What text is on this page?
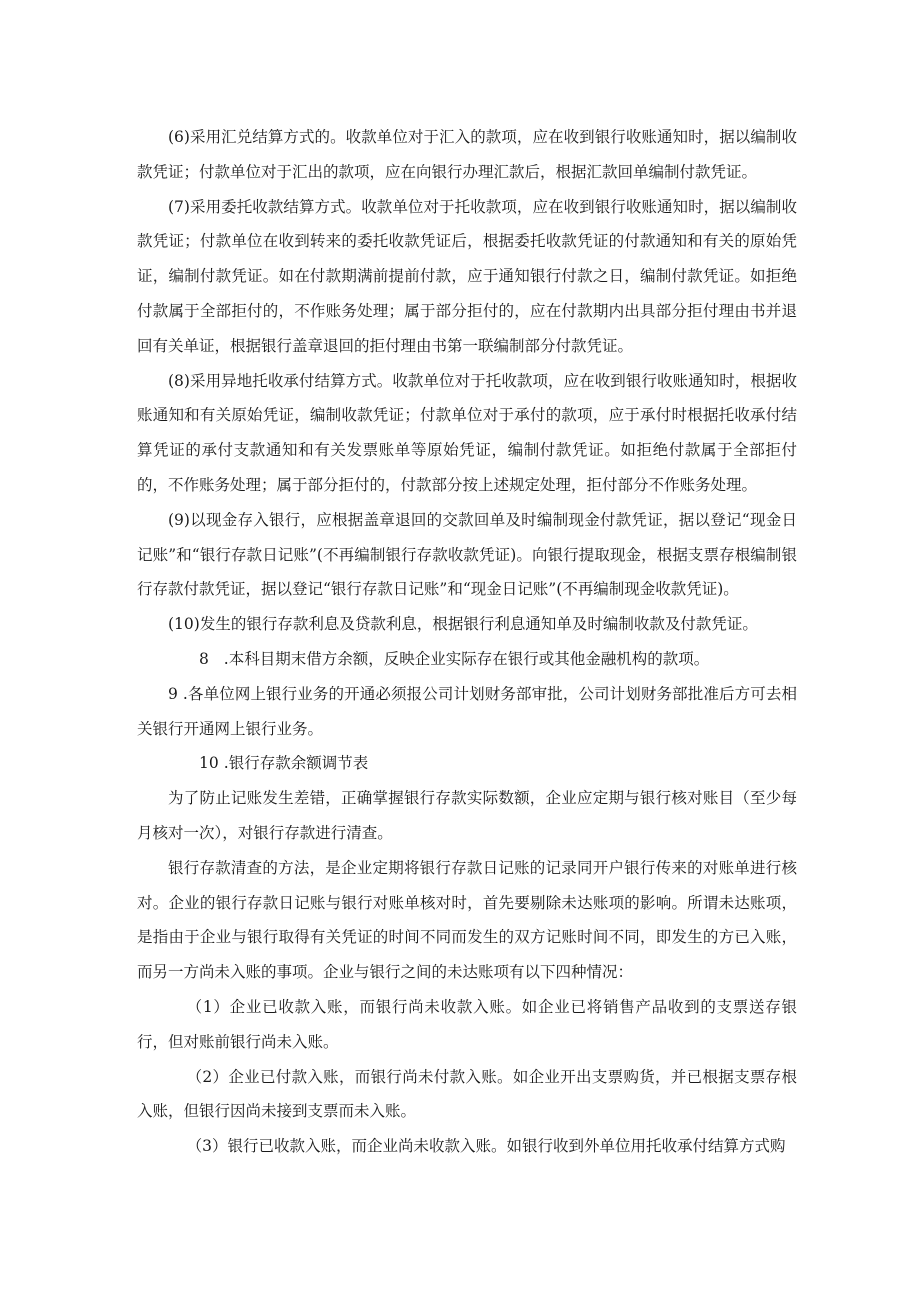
(6)采用汇兑结算方式的。收款单位对于汇入的款项，应在收到银行收账通知时，据以编制收款凭证；付款单位对于汇出的款项，应在向银行办理汇款后，根据汇款回单编制付款凭证。

(7)采用委托收款结算方式。收款单位对于托收款项，应在收到银行收账通知时，据以编制收款凭证；付款单位在收到转来的委托收款凭证后，根据委托收款凭证的付款通知和有关的原始凭证，编制付款凭证。如在付款期满前提前付款，应于通知银行付款之日，编制付款凭证。如拒绝付款属于全部拒付的，不作账务处理；属于部分拒付的，应在付款期内出具部分拒付理由书并退回有关单证，根据银行盖章退回的拒付理由书第一联编制部分付款凭证。

(8)采用异地托收承付结算方式。收款单位对于托收款项，应在收到银行收账通知时，根据收账通知和有关原始凭证，编制收款凭证；付款单位对于承付的款项，应于承付时根据托收承付结算凭证的承付支款通知和有关发票账单等原始凭证，编制付款凭证。如拒绝付款属于全部拒付的，不作账务处理；属于部分拒付的，付款部分按上述规定处理，拒付部分不作账务处理。

(9)以现金存入银行，应根据盖章退回的交款回单及时编制现金付款凭证，据以登记“现金日记账”和“银行存款日记账”(不再编制银行存款收款凭证)。向银行提取现金，根据支票存根编制银行存款付款凭证，据以登记“银行存款日记账”和“现金日记账”(不再编制现金收款凭证)。

(10)发生的银行存款利息及贷款利息，根据银行利息通知单及时编制收款及付款凭证。

8 .本科目期末借方余额，反映企业实际存在银行或其他金融机构的款项。

9 .各单位网上银行业务的开通必须报公司计划财务部审批，公司计划财务部批准后方可去相关银行开通网上银行业务。

10 .银行存款余额调节表

为了防止记账发生差错，正确掌握银行存款实际数额，企业应定期与银行核对账目（至少每月核对一次），对银行存款进行清查。

银行存款清查的方法，是企业定期将银行存款日记账的记录同开户银行传来的对账单进行核对。企业的银行存款日记账与银行对账单核对时，首先要剔除未达账项的影响。所谓未达账项，是指由于企业与银行取得有关凭证的时间不同而发生的双方记账时间不同，即发生的方已入账，而另一方尚未入账的事项。企业与银行之间的未达账项有以下四种情况：

（1）企业已收款入账，而银行尚未收款入账。如企业已将销售产品收到的支票送存银行，但对账前银行尚未入账。

（2）企业已付款入账，而银行尚未付款入账。如企业开出支票购货，并已根据支票存根入账，但银行因尚未接到支票而未入账。

（3）银行已收款入账，而企业尚未收款入账。如银行收到外单位用托收承付结算方式购
